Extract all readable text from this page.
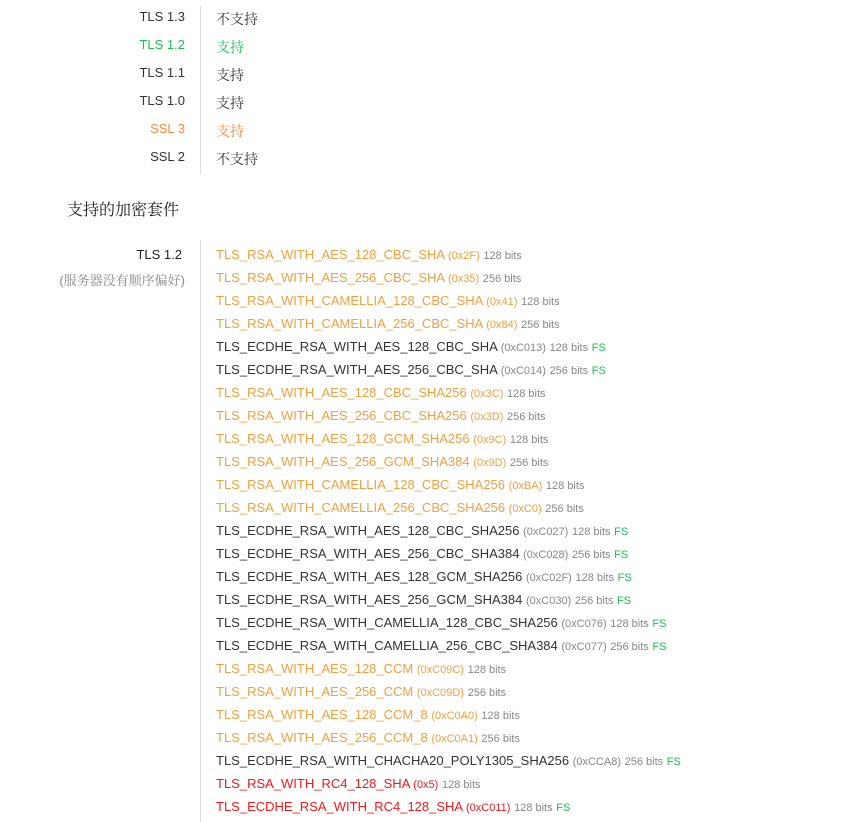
TLS 1.3 不支持
TLS 1.2 支持
TLS 1.1 支持
TLS 1.0 支持
SSL 3 支持
SSL 2 不支持
支持的加密套件
TLS 1.2
(服务器没有顺序偏好)
TLS_RSA_WITH_AES_128_CBC_SHA (0x2F) 128 bits
TLS_RSA_WITH_AES_256_CBC_SHA (0x35) 256 bits
TLS_RSA_WITH_CAMELLIA_128_CBC_SHA (0x41) 128 bits
TLS_RSA_WITH_CAMELLIA_256_CBC_SHA (0x84) 256 bits
TLS_ECDHE_RSA_WITH_AES_128_CBC_SHA (0xC013) 128 bits FS
TLS_ECDHE_RSA_WITH_AES_256_CBC_SHA (0xC014) 256 bits FS
TLS_RSA_WITH_AES_128_CBC_SHA256 (0x3C) 128 bits
TLS_RSA_WITH_AES_256_CBC_SHA256 (0x3D) 256 bits
TLS_RSA_WITH_AES_128_GCM_SHA256 (0x9C) 128 bits
TLS_RSA_WITH_AES_256_GCM_SHA384 (0x9D) 256 bits
TLS_RSA_WITH_CAMELLIA_128_CBC_SHA256 (0xBA) 128 bits
TLS_RSA_WITH_CAMELLIA_256_CBC_SHA256 (0xC0) 256 bits
TLS_ECDHE_RSA_WITH_AES_128_CBC_SHA256 (0xC027) 128 bits FS
TLS_ECDHE_RSA_WITH_AES_256_CBC_SHA384 (0xC028) 256 bits FS
TLS_ECDHE_RSA_WITH_AES_128_GCM_SHA256 (0xC02F) 128 bits FS
TLS_ECDHE_RSA_WITH_AES_256_GCM_SHA384 (0xC030) 256 bits FS
TLS_ECDHE_RSA_WITH_CAMELLIA_128_CBC_SHA256 (0xC076) 128 bits FS
TLS_ECDHE_RSA_WITH_CAMELLIA_256_CBC_SHA384 (0xC077) 256 bits FS
TLS_RSA_WITH_AES_128_CCM (0xC09C) 128 bits
TLS_RSA_WITH_AES_256_CCM (0xC09D) 256 bits
TLS_RSA_WITH_AES_128_CCM_8 (0xC0A0) 128 bits
TLS_RSA_WITH_AES_256_CCM_8 (0xC0A1) 256 bits
TLS_ECDHE_RSA_WITH_CHACHA20_POLY1305_SHA256 (0xCCA8) 256 bits FS
TLS_RSA_WITH_RC4_128_SHA (0x5) 128 bits
TLS_ECDHE_RSA_WITH_RC4_128_SHA (0xC011) 128 bits FS
